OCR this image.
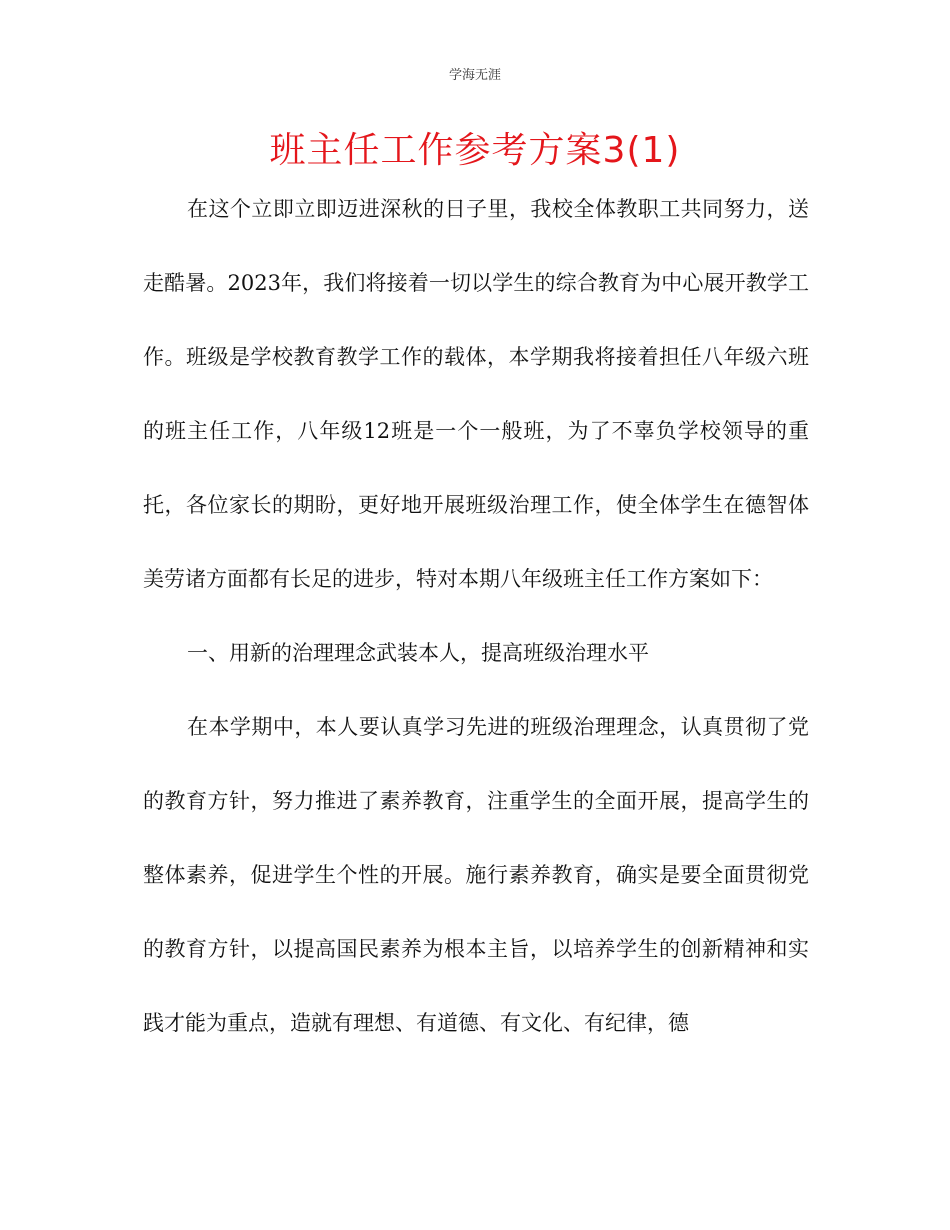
学海无涯
班主任工作参考方案3(1)

在这个立即立即迈进深秋的日子里，我校全体教职工共同努力，送走酷暑。2023年，我们将接着一切以学生的综合教育为中心展开教学工作。班级是学校教育教学工作的载体，本学期我将接着担任八年级六班的班主任工作，八年级12班是一个一般班，为了不辜负学校领导的重托，各位家长的期盼，更好地开展班级治理工作，使全体学生在德智体美劳诸方面都有长足的进步，特对本期八年级班主任工作方案如下：

一、用新的治理理念武装本人，提高班级治理水平

在本学期中，本人要认真学习先进的班级治理理念，认真贯彻了党的教育方针，努力推进了素养教育，注重学生的全面开展，提高学生的整体素养，促进学生个性的开展。施行素养教育，确实是要全面贯彻党的教育方针，以提高国民素养为根本主旨，以培养学生的创新精神和实践才能为重点，造就有理想、有道德、有文化、有纪律，德
